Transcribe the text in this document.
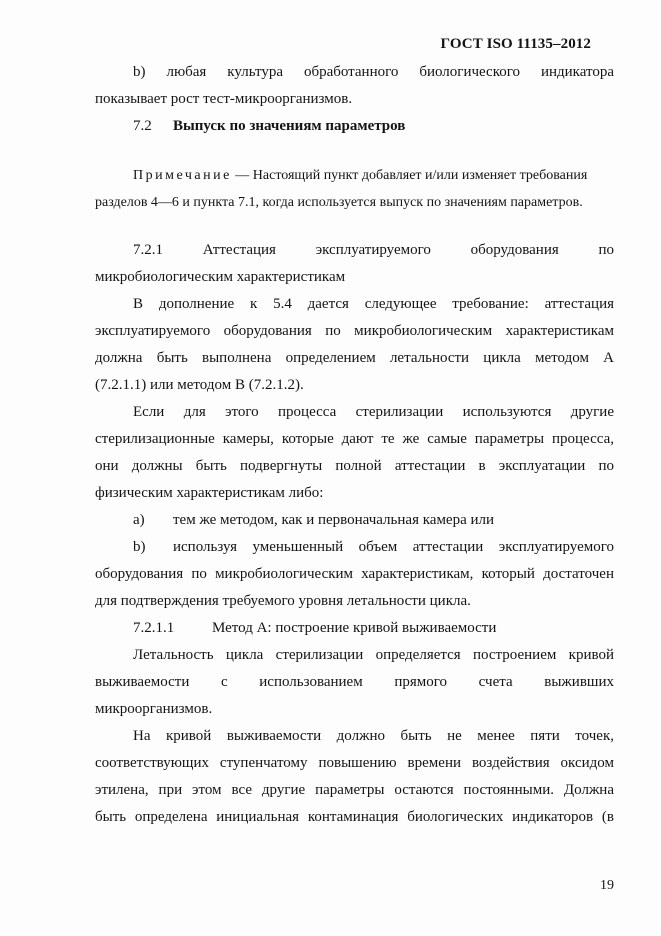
ГОСТ ISO 11135–2012
b) любая культура обработанного биологического индикатора
показывает рост тест-микроорганизмов.
7.2 Выпуск по значениям параметров
Примечание — Настоящий пункт добавляет и/или изменяет требования
разделов 4—6 и пункта 7.1, когда используется выпуск по значениям параметров.
7.2.1	Аттестация	эксплуатируемого	оборудования	по
микробиологическим характеристикам
В дополнение к 5.4 дается следующее требование: аттестация
эксплуатируемого оборудования по микробиологическим характеристикам
должна быть выполнена определением летальности цикла методом А
(7.2.1.1) или методом В (7.2.1.2).
Если для этого процесса стерилизации используются другие
стерилизационные камеры, которые дают те же самые параметры процесса,
они должны быть подвергнуты полной аттестации в эксплуатации по
физическим характеристикам либо:
а) тем же методом, как и первоначальная камера или
b) используя уменьшенный объем аттестации эксплуатируемого
оборудования по микробиологическим характеристикам, который достаточен
для подтверждения требуемого уровня летальности цикла.
7.2.1.1	Метод А: построение кривой выживаемости
Летальность цикла стерилизации определяется построением кривой
выживаемости с использованием прямого счета выживших
микроорганизмов.
На кривой выживаемости должно быть не менее пяти точек,
соответствующих ступенчатому повышению времени воздействия оксидом
этилена, при этом все другие параметры остаются постоянными. Должна
быть определена инициальная контаминация биологических индикаторов (в
19
